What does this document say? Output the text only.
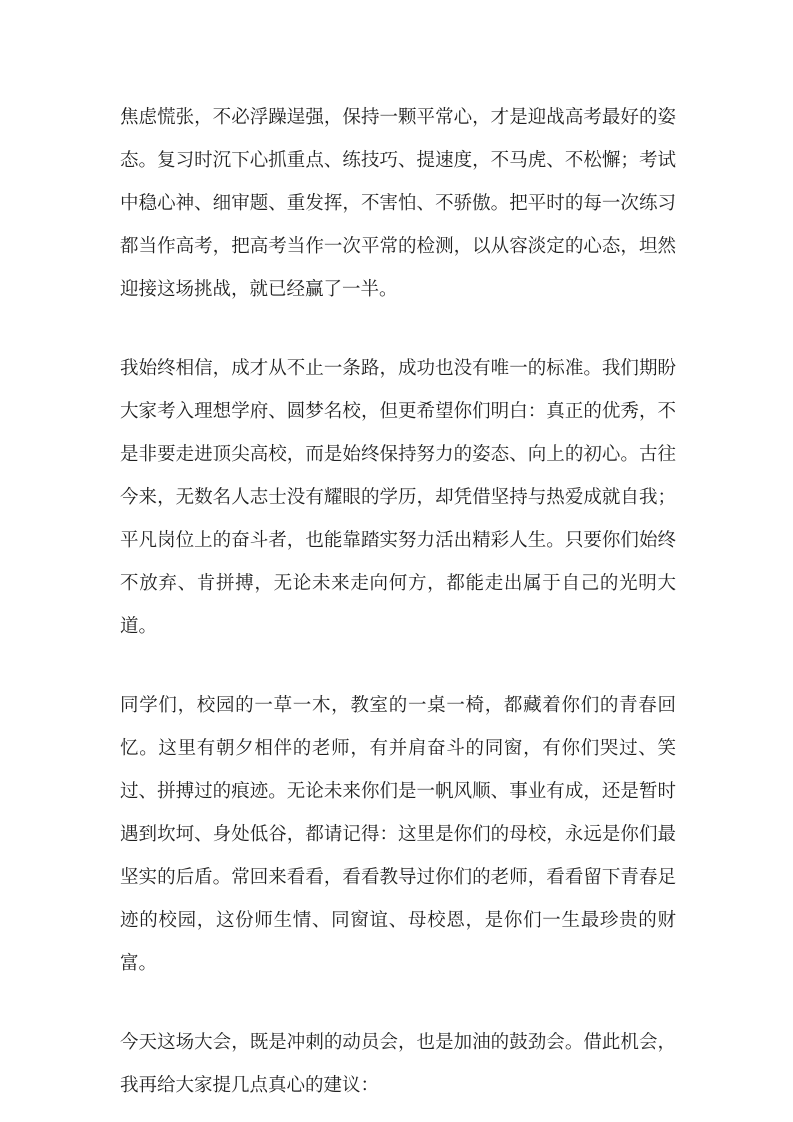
焦虑慌张，不必浮躁逞强，保持一颗平常心，才是迎战高考最好的姿态。复习时沉下心抓重点、练技巧、提速度，不马虎、不松懈；考试中稳心神、细审题、重发挥，不害怕、不骄傲。把平时的每一次练习都当作高考，把高考当作一次平常的检测，以从容淡定的心态，坦然迎接这场挑战，就已经赢了一半。

我始终相信，成才从不止一条路，成功也没有唯一的标准。我们期盼大家考入理想学府、圆梦名校，但更希望你们明白：真正的优秀，不是非要走进顶尖高校，而是始终保持努力的姿态、向上的初心。古往今来，无数名人志士没有耀眼的学历，却凭借坚持与热爱成就自我；平凡岗位上的奋斗者，也能靠踏实努力活出精彩人生。只要你们始终不放弃、肯拼搏，无论未来走向何方，都能走出属于自己的光明大道。

同学们，校园的一草一木，教室的一桌一椅，都藏着你们的青春回忆。这里有朝夕相伴的老师，有并肩奋斗的同窗，有你们哭过、笑过、拼搏过的痕迹。无论未来你们是一帆风顺、事业有成，还是暂时遇到坎坷、身处低谷，都请记得：这里是你们的母校，永远是你们最坚实的后盾。常回来看看，看看教导过你们的老师，看看留下青春足迹的校园，这份师生情、同窗谊、母校恩，是你们一生最珍贵的财富。

今天这场大会，既是冲刺的动员会，也是加油的鼓劲会。借此机会，我再给大家提几点真心的建议：
